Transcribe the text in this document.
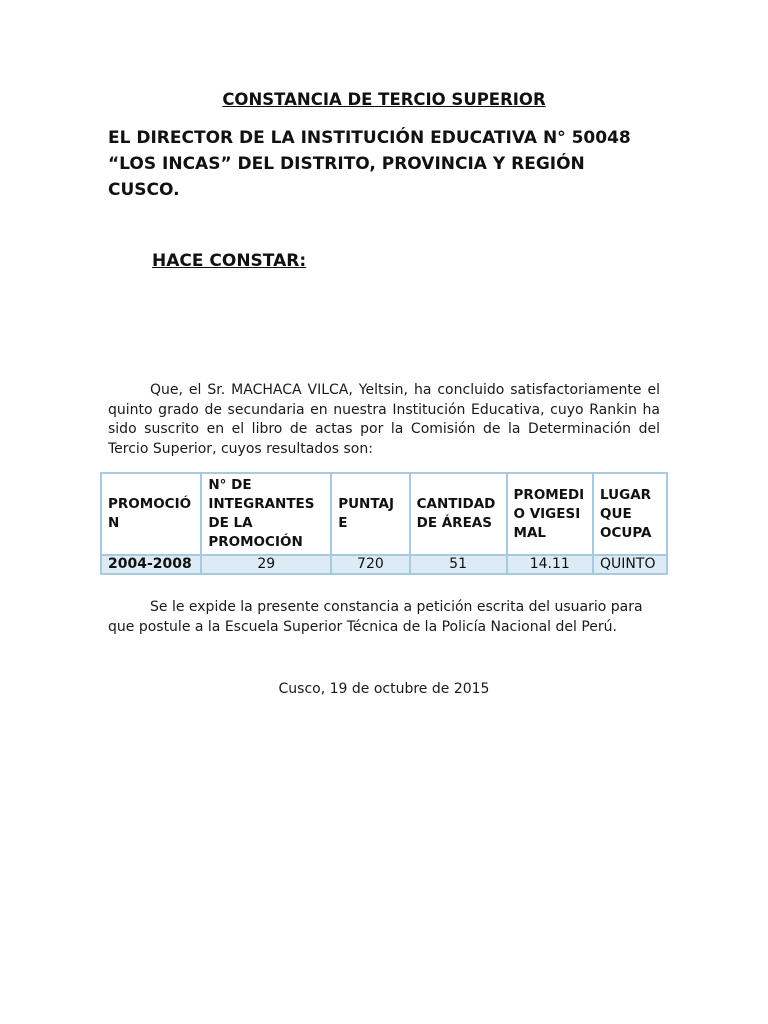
CONSTANCIA DE TERCIO SUPERIOR
EL DIRECTOR DE LA INSTITUCIÓN EDUCATIVA N° 50048
“LOS INCAS” DEL DISTRITO, PROVINCIA Y REGIÓN
CUSCO.
HACE CONSTAR:
Que, el Sr. MACHACA VILCA, Yeltsin, ha concluido satisfactoriamente el quinto grado de secundaria en nuestra Institución Educativa, cuyo Rankin ha sido suscrito en el libro de actas por la Comisión de la Determinación del Tercio Superior, cuyos resultados son:
PROMOCIÓN	N° DE INTEGRANTES DE LA PROMOCIÓN	PUNTAJE	CANTIDAD DE ÁREAS	PROMEDIO VIGESIMAL	LUGAR QUE OCUPA
2004-2008	29	720	51	14.11	QUINTO
Se le expide la presente constancia a petición escrita del usuario para que postule a la Escuela Superior Técnica de la Policía Nacional del Perú.
Cusco, 19 de octubre de 2015
